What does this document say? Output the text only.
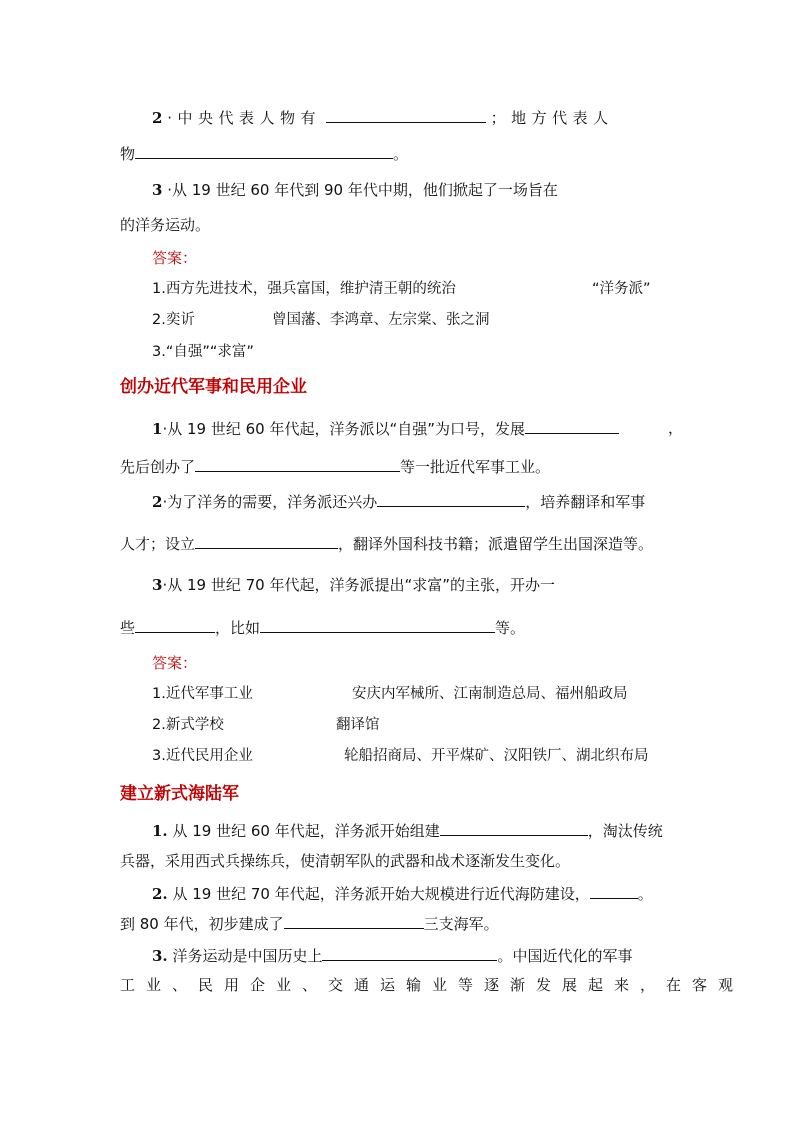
2 ·中央代表人物有	；地方代表人
物	。
3 ·从 19 世纪 60 年代到 90 年代中期，他们掀起了一场旨在
的洋务运动。
答案：
1.西方先进技术，强兵富国，维护清王朝的统治	“洋务派”
2.奕䜣	曾国藩、李鸿章、左宗棠、张之洞
3.“自强”“求富”
创办近代军事和民用企业
1·从 19 世纪 60 年代起，洋务派以“自强”为口号，发展	，
先后创办了	等一批近代军事工业。
2·为了洋务的需要，洋务派还兴办	，培养翻译和军事
人才；设立	，翻译外国科技书籍；派遣留学生出国深造等。
3·从 19 世纪 70 年代起，洋务派提出“求富”的主张，开办一
些	，比如	等。
答案：
1.近代军事工业	安庆内军械所、江南制造总局、福州船政局
2.新式学校	翻译馆
3.近代民用企业	轮船招商局、开平煤矿、汉阳铁厂、湖北织布局
建立新式海陆军
1. 从 19 世纪 60 年代起，洋务派开始组建	，淘汰传统
兵器，采用西式兵操练兵，使清朝军队的武器和战术逐渐发生变化。
2. 从 19 世纪 70 年代起，洋务派开始大规模进行近代海防建设，	。
到 80 年代，初步建成了	三支海军。
3. 洋务运动是中国历史上	。中国近代化的军事
工业、民用企业、交通运输业等逐渐发展起来，在客观
